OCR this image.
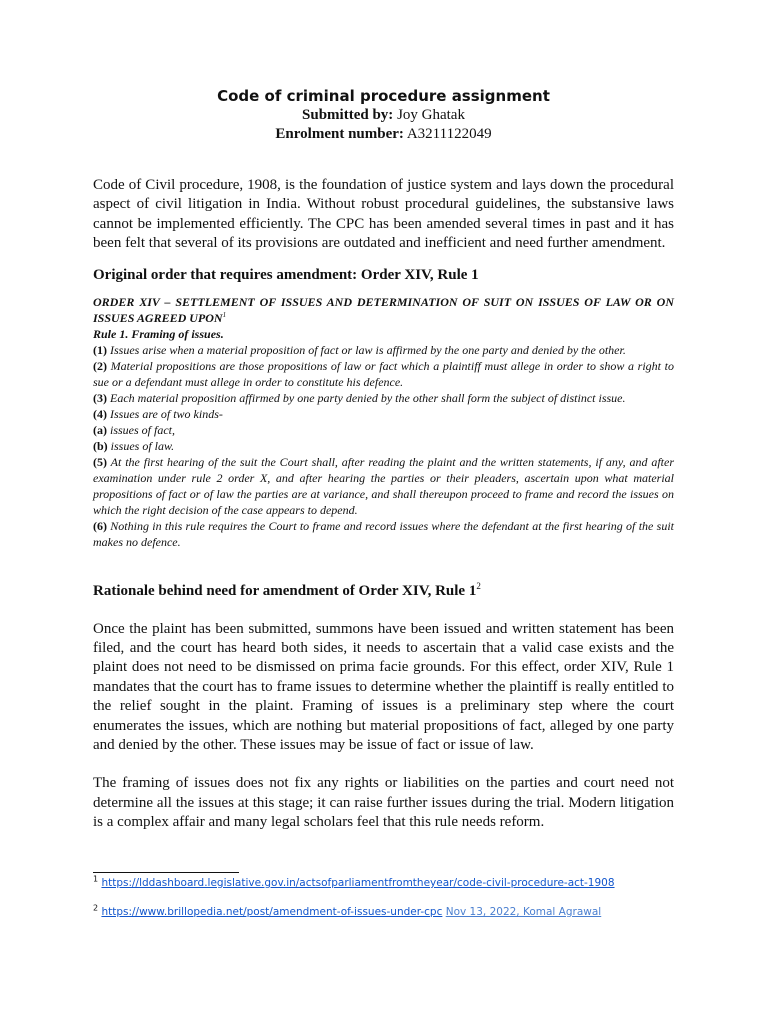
Code of criminal procedure assignment
Submitted by: Joy Ghatak
Enrolment number: A3211122049

Code of Civil procedure, 1908, is the foundation of justice system and lays down the procedural aspect of civil litigation in India. Without robust procedural guidelines, the substansive laws cannot be implemented efficiently. The CPC has been amended several times in past and it has been felt that several of its provisions are outdated and inefficient and need further amendment.

Original order that requires amendment: Order XIV, Rule 1

ORDER XIV – SETTLEMENT OF ISSUES AND DETERMINATION OF SUIT ON ISSUES OF LAW OR ON ISSUES AGREED UPON$^1$

Rule 1. Framing of issues.

(1) Issues arise when a material proposition of fact or law is affirmed by the one party and denied by the other.

(2) Material propositions are those propositions of law or fact which a plaintiff must allege in order to show a right to sue or a defendant must allege in order to constitute his defence.

(3) Each material proposition affirmed by one party denied by the other shall form the subject of distinct issue.

(4) Issues are of two kinds-

(a) issues of fact,

(b) issues of law.

(5) At the first hearing of the suit the Court shall, after reading the plaint and the written statements, if any, and after examination under rule 2 order X, and after hearing the parties or their pleaders, ascertain upon what material propositions of fact or of law the parties are at variance, and shall thereupon proceed to frame and record the issues on which the right decision of the case appears to depend.

(6) Nothing in this rule requires the Court to frame and record issues where the defendant at the first hearing of the suit makes no defence.

Rationale behind need for amendment of Order XIV, Rule $1^2$

Once the plaint has been submitted, summons have been issued and written statement has been filed, and the court has heard both sides, it needs to ascertain that a valid case exists and the plaint does not need to be dismissed on prima facie grounds. For this effect, order XIV, Rule 1 mandates that the court has to frame issues to determine whether the plaintiff is really entitled to the relief sought in the plaint. Framing of issues is a preliminary step where the court enumerates the issues, which are nothing but material propositions of fact, alleged by one party and denied by the other. These issues may be issue of fact or issue of law.

The framing of issues does not fix any rights or liabilities on the parties and court need not determine all the issues at this stage; it can raise further issues during the trial. Modern litigation is a complex affair and many legal scholars feel that this rule needs reform.

$^1$ https://lddashboard.legislative.gov.in/actsofparliamentfromtheyear/code-civil-procedure-act-1908
$^2$ https://www.brillopedia.net/post/amendment-of-issues-under-cpc Nov 13, 2022, Komal Agrawal
